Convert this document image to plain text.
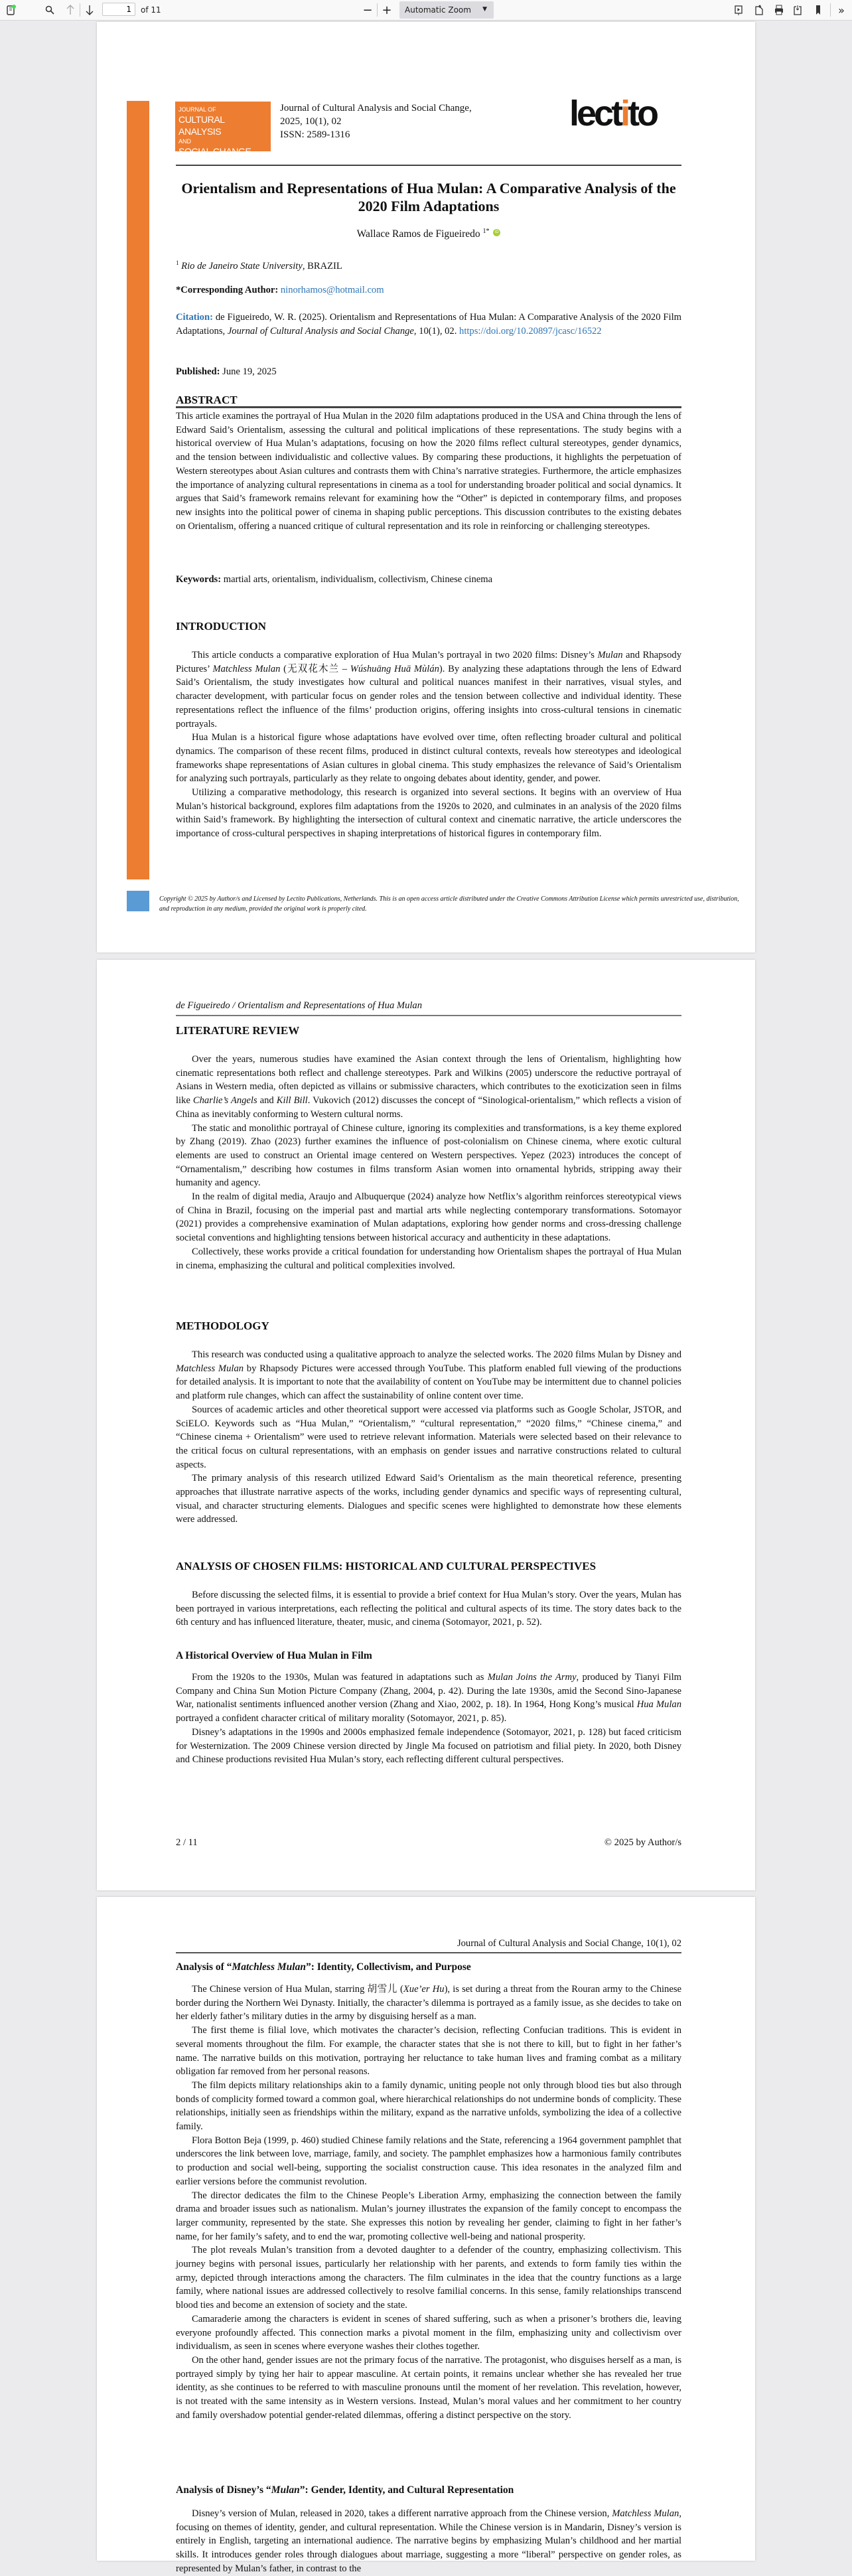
1
of 11	− + Automatic Zoom ▼	»
JOURNAL OF
CULTURAL ANALYSIS
AND
SOCIAL CHANGE
Journal of Cultural Analysis and Social Change,
2025, 10(1), 02
ISSN: 2589-1316
lectito
Orientalism and Representations of Hua Mulan: A Comparative Analysis of the 2020 Film Adaptations
Wallace Ramos de Figueiredo $^{1*}$ iD
$^1$ Rio de Janeiro State University, BRAZIL
*Corresponding Author: ninorhamos@hotmail.com
Citation: de Figueiredo, W. R. (2025). Orientalism and Representations of Hua Mulan: A Comparative Analysis of the 2020 Film Adaptations, Journal of Cultural Analysis and Social Change, 10(1), 02. https://doi.org/10.20897/jcasc/16522
Published: June 19, 2025
ABSTRACT

This article examines the portrayal of Hua Mulan in the 2020 film adaptations produced in the USA and China through the lens of Edward Said’s Orientalism, assessing the cultural and political implications of these representations. The study begins with a historical overview of Hua Mulan’s adaptations, focusing on how the 2020 films reflect cultural stereotypes, gender dynamics, and the tension between individualistic and collective values. By comparing these productions, it highlights the perpetuation of Western stereotypes about Asian cultures and contrasts them with China’s narrative strategies. Furthermore, the article emphasizes the importance of analyzing cultural representations in cinema as a tool for understanding broader political and social dynamics. It argues that Said’s framework remains relevant for examining how the “Other” is depicted in contemporary films, and proposes new insights into the political power of cinema in shaping public perceptions. This discussion contributes to the existing debates on Orientalism, offering a nuanced critique of cultural representation and its role in reinforcing or challenging stereotypes.

Keywords: martial arts, orientalism, individualism, collectivism, Chinese cinema
INTRODUCTION

This article conducts a comparative exploration of Hua Mulan’s portrayal in two 2020 films: Disney’s Mulan and Rhapsody Pictures’ Matchless Mulan (无双花木兰 – Wúshuāng Huā Mùlán). By analyzing these adaptations through the lens of Edward Said’s Orientalism, the study investigates how cultural and political nuances manifest in their narratives, visual styles, and character development, with particular focus on gender roles and the tension between collective and individual identity. These representations reflect the influence of the films’ production origins, offering insights into cross-cultural tensions in cinematic portrayals.

Hua Mulan is a historical figure whose adaptations have evolved over time, often reflecting broader cultural and political dynamics. The comparison of these recent films, produced in distinct cultural contexts, reveals how stereotypes and ideological frameworks shape representations of Asian cultures in global cinema. This study emphasizes the relevance of Said’s Orientalism for analyzing such portrayals, particularly as they relate to ongoing debates about identity, gender, and power.

Utilizing a comparative methodology, this research is organized into several sections. It begins with an overview of Hua Mulan’s historical background, explores film adaptations from the 1920s to 2020, and culminates in an analysis of the 2020 films within Said’s framework. By highlighting the intersection of cultural context and cinematic narrative, the article underscores the importance of cross-cultural perspectives in shaping interpretations of historical figures in contemporary film.

Copyright © 2025 by Author/s and Licensed by Lectito Publications, Netherlands. This is an open access article distributed under the Creative Commons Attribution License which permits unrestricted use, distribution, and reproduction in any medium, provided the original work is properly cited.
de Figueiredo / Orientalism and Representations of Hua Mulan
LITERATURE REVIEW

Over the years, numerous studies have examined the Asian context through the lens of Orientalism, highlighting how cinematic representations both reflect and challenge stereotypes. Park and Wilkins (2005) underscore the reductive portrayal of Asians in Western media, often depicted as villains or submissive characters, which contributes to the exoticization seen in films like Charlie’s Angels and Kill Bill. Vukovich (2012) discusses the concept of “Sinological-orientalism,” which reflects a vision of China as inevitably conforming to Western cultural norms.

The static and monolithic portrayal of Chinese culture, ignoring its complexities and transformations, is a key theme explored by Zhang (2019). Zhao (2023) further examines the influence of post-colonialism on Chinese cinema, where exotic cultural elements are used to construct an Oriental image centered on Western perspectives. Yepez (2023) introduces the concept of “Ornamentalism,” describing how costumes in films transform Asian women into ornamental hybrids, stripping away their humanity and agency.

In the realm of digital media, Araujo and Albuquerque (2024) analyze how Netflix’s algorithm reinforces stereotypical views of China in Brazil, focusing on the imperial past and martial arts while neglecting contemporary transformations. Sotomayor (2021) provides a comprehensive examination of Mulan adaptations, exploring how gender norms and cross-dressing challenge societal conventions and highlighting tensions between historical accuracy and authenticity in these adaptations.

Collectively, these works provide a critical foundation for understanding how Orientalism shapes the portrayal of Hua Mulan in cinema, emphasizing the cultural and political complexities involved.

METHODOLOGY

This research was conducted using a qualitative approach to analyze the selected works. The 2020 films Mulan by Disney and Matchless Mulan by Rhapsody Pictures were accessed through YouTube. This platform enabled full viewing of the productions for detailed analysis. It is important to note that the availability of content on YouTube may be intermittent due to channel policies and platform rule changes, which can affect the sustainability of online content over time.

Sources of academic articles and other theoretical support were accessed via platforms such as Google Scholar, JSTOR, and SciELO. Keywords such as “Hua Mulan,” “Orientalism,” “cultural representation,” “2020 films,” “Chinese cinema,” and “Chinese cinema + Orientalism” were used to retrieve relevant information. Materials were selected based on their relevance to the critical focus on cultural representations, with an emphasis on gender issues and narrative constructions related to cultural aspects.

The primary analysis of this research utilized Edward Said’s Orientalism as the main theoretical reference, presenting approaches that illustrate narrative aspects of the works, including gender dynamics and specific ways of representing cultural, visual, and character structuring elements. Dialogues and specific scenes were highlighted to demonstrate how these elements were addressed.

ANALYSIS OF CHOSEN FILMS: HISTORICAL AND CULTURAL PERSPECTIVES

Before discussing the selected films, it is essential to provide a brief context for Hua Mulan’s story. Over the years, Mulan has been portrayed in various interpretations, each reflecting the political and cultural aspects of its time. The story dates back to the 6th century and has influenced literature, theater, music, and cinema (Sotomayor, 2021, p. 52).

A Historical Overview of Hua Mulan in Film

From the 1920s to the 1930s, Mulan was featured in adaptations such as Mulan Joins the Army, produced by Tianyi Film Company and China Sun Motion Picture Company (Zhang, 2004, p. 42). During the late 1930s, amid the Second Sino-Japanese War, nationalist sentiments influenced another version (Zhang and Xiao, 2002, p. 18). In 1964, Hong Kong’s musical Hua Mulan portrayed a confident character critical of military morality (Sotomayor, 2021, p. 85).

Disney’s adaptations in the 1990s and 2000s emphasized female independence (Sotomayor, 2021, p. 128) but faced criticism for Westernization. The 2009 Chinese version directed by Jingle Ma focused on patriotism and filial piety. In 2020, both Disney and Chinese productions revisited Hua Mulan’s story, each reflecting different cultural perspectives.

2 / 11	© 2025 by Author/s
Journal of Cultural Analysis and Social Change, 10(1), 02
Analysis of “Matchless Mulan”: Identity, Collectivism, and Purpose

The Chinese version of Hua Mulan, starring 胡雪儿 (Xue’er Hu), is set during a threat from the Rouran army to the Chinese border during the Northern Wei Dynasty. Initially, the character’s dilemma is portrayed as a family issue, as she decides to take on her elderly father’s military duties in the army by disguising herself as a man.

The first theme is filial love, which motivates the character’s decision, reflecting Confucian traditions. This is evident in several moments throughout the film. For example, the character states that she is not there to kill, but to fight in her father’s name. The narrative builds on this motivation, portraying her reluctance to take human lives and framing combat as a military obligation far removed from her personal reasons.

The film depicts military relationships akin to a family dynamic, uniting people not only through blood ties but also through bonds of complicity formed toward a common goal, where hierarchical relationships do not undermine bonds of complicity. These relationships, initially seen as friendships within the military, expand as the narrative unfolds, symbolizing the idea of a collective family.

Flora Botton Beja (1999, p. 460) studied Chinese family relations and the State, referencing a 1964 government pamphlet that underscores the link between love, marriage, family, and society. The pamphlet emphasizes how a harmonious family contributes to production and social well-being, supporting the socialist construction cause. This idea resonates in the analyzed film and earlier versions before the communist revolution.

The director dedicates the film to the Chinese People’s Liberation Army, emphasizing the connection between the family drama and broader issues such as nationalism. Mulan’s journey illustrates the expansion of the family concept to encompass the larger community, represented by the state. She expresses this notion by revealing her gender, claiming to fight in her father’s name, for her family’s safety, and to end the war, promoting collective well-being and national prosperity.

The plot reveals Mulan’s transition from a devoted daughter to a defender of the country, emphasizing collectivism. This journey begins with personal issues, particularly her relationship with her parents, and extends to form family ties within the army, depicted through interactions among the characters. The film culminates in the idea that the country functions as a large family, where national issues are addressed collectively to resolve familial concerns. In this sense, family relationships transcend blood ties and become an extension of society and the state.

Camaraderie among the characters is evident in scenes of shared suffering, such as when a prisoner’s brothers die, leaving everyone profoundly affected. This connection marks a pivotal moment in the film, emphasizing unity and collectivism over individualism, as seen in scenes where everyone washes their clothes together.

On the other hand, gender issues are not the primary focus of the narrative. The protagonist, who disguises herself as a man, is portrayed simply by tying her hair to appear masculine. At certain points, it remains unclear whether she has revealed her true identity, as she continues to be referred to with masculine pronouns until the moment of her revelation. This revelation, however, is not treated with the same intensity as in Western versions. Instead, Mulan’s moral values and her commitment to her country and family overshadow potential gender-related dilemmas, offering a distinct perspective on the story.

Analysis of Disney’s “Mulan”: Gender, Identity, and Cultural Representation

Disney’s version of Mulan, released in 2020, takes a different narrative approach from the Chinese version, Matchless Mulan, focusing on themes of identity, gender, and cultural representation. While the Chinese version is in Mandarin, Disney’s version is entirely in English, targeting an international audience. The narrative begins by emphasizing Mulan’s childhood and her martial skills. It introduces gender roles through dialogues about marriage, suggesting a more “liberal” perspective on gender roles, as represented by Mulan’s father, in contrast to the
